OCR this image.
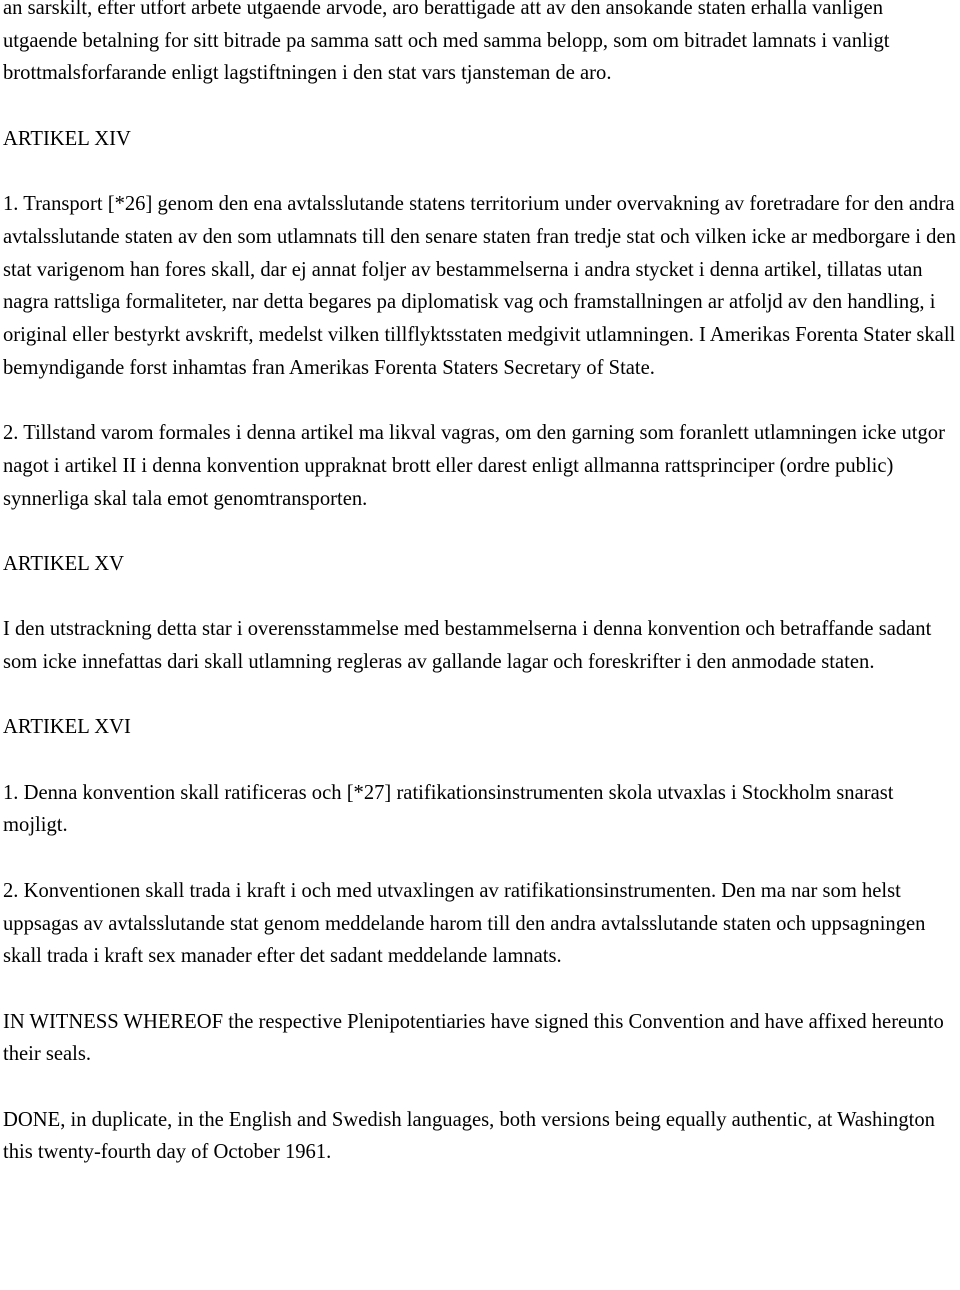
an sarskilt, efter utfort arbete utgaende arvode, aro berattigade att av den ansokande staten erhalla vanligen utgaende betalning for sitt bitrade pa samma satt och med samma belopp, som om bitradet lamnats i vanligt brottmalsforfarande enligt lagstiftningen i den stat vars tjansteman de aro.

ARTIKEL XIV

1. Transport [*26] genom den ena avtalsslutande statens territorium under overvakning av foretradare for den andra avtalsslutande staten av den som utlamnats till den senare staten fran tredje stat och vilken icke ar medborgare i den stat varigenom han fores skall, dar ej annat foljer av bestammelserna i andra stycket i denna artikel, tillatas utan nagra rattsliga formaliteter, nar detta begares pa diplomatisk vag och framstallningen ar atfoljd av den handling, i original eller bestyrkt avskrift, medelst vilken tillflyktsstaten medgivit utlamningen. I Amerikas Forenta Stater skall bemyndigande forst inhamtas fran Amerikas Forenta Staters Secretary of State.

2. Tillstand varom formales i denna artikel ma likval vagras, om den garning som foranlett utlamningen icke utgor nagot i artikel II i denna konvention uppraknat brott eller darest enligt allmanna rattsprinciper (ordre public) synnerliga skal tala emot genomtransporten.

ARTIKEL XV

I den utstrackning detta star i overensstammelse med bestammelserna i denna konvention och betraffande sadant som icke innefattas dari skall utlamning regleras av gallande lagar och foreskrifter i den anmodade staten.

ARTIKEL XVI

1. Denna konvention skall ratificeras och [*27] ratifikationsinstrumenten skola utvaxlas i Stockholm snarast mojligt.

2. Konventionen skall trada i kraft i och med utvaxlingen av ratifikationsinstrumenten. Den ma nar som helst uppsagas av avtalsslutande stat genom meddelande harom till den andra avtalsslutande staten och uppsagningen skall trada i kraft sex manader efter det sadant meddelande lamnats.

IN WITNESS WHEREOF the respective Plenipotentiaries have signed this Convention and have affixed hereunto their seals.

DONE, in duplicate, in the English and Swedish languages, both versions being equally authentic, at Washington this twenty-fourth day of October 1961.
